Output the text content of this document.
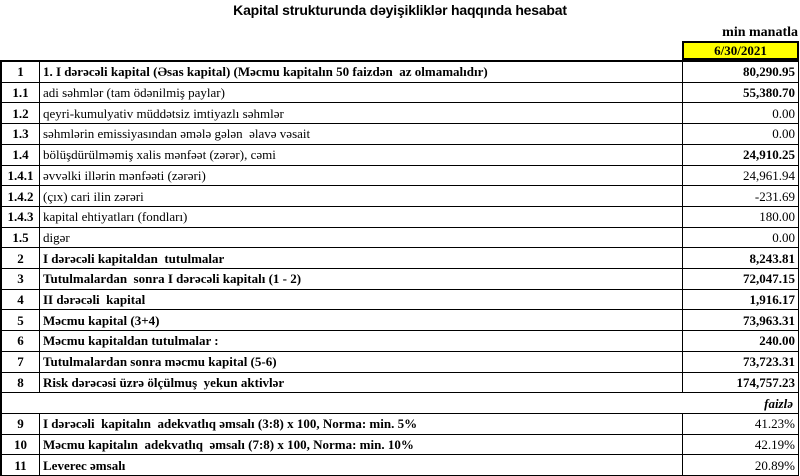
Kapital strukturunda dəyişikliklər haqqında hesabat
min manatla
6/30/2021
1	1. I dərəcəli kapital (Əsas kapital) (Məcmu kapitalın 50 faizdən  az olmamalıdır)	80,290.95
1.1	adi səhmlər (tam ödənilmiş paylar)	55,380.70
1.2	qeyri-kumulyativ müddətsiz imtiyazlı səhmlər	0.00
1.3	səhmlərin emissiyasından əmələ gələn  əlavə vəsait	0.00
1.4	bölüşdürülməmiş xalis mənfəət (zərər), cəmi	24,910.25
1.4.1 əvvəlki illərin mənfəəti (zərəri)	24,961.94
1.4.2 (çıx) cari ilin zərəri	-231.69
1.4.3 kapital ehtiyatları (fondları)	180.00
1.5	digər	0.00
2	I dərəcəli kapitaldan  tutulmalar	8,243.81
3	Tutulmalardan  sonra I dərəcəli kapitalı (1 - 2)	72,047.15
4	II dərəcəli  kapital	1,916.17
5	Məcmu kapital (3+4)	73,963.31
6	Məcmu kapitaldan tutulmalar :	240.00
7	Tutulmalardan sonra məcmu kapital (5-6)	73,723.31
8	Risk dərəcəsi üzrə ölçülmuş  yekun aktivlər	174,757.23
faizlə
9	I dərəcəli  kapitalın  adekvatlıq əmsalı (3:8) x 100, Norma: min. 5%	41.23%
10	Məcmu kapitalın  adekvatlıq  əmsalı (7:8) x 100, Norma: min. 10%	42.19%
11	Leverec əmsalı	20.89%
